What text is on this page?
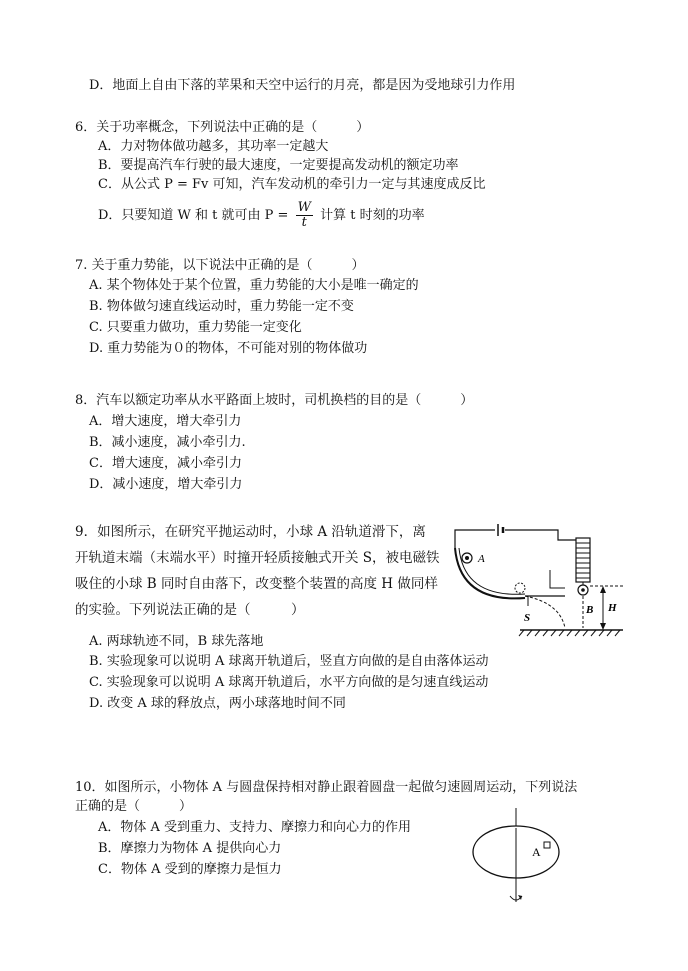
D．地面上自由下落的苹果和天空中运行的月亮，都是因为受地球引力作用
6．关于功率概念，下列说法中正确的是（　　　）
A．力对物体做功越多，其功率一定越大
B．要提高汽车行驶的最大速度，一定要提高发动机的额定功率
C．从公式 P = Fv 可知，汽车发动机的牵引力一定与其速度成反比
D．只要知道 W 和 t 就可由 $P = \frac{W}{t}$ 计算 t 时刻的功率
7. 关于重力势能，以下说法中正确的是（　　　）
A. 某个物体处于某个位置，重力势能的大小是唯一确定的
B. 物体做匀速直线运动时，重力势能一定不变
C. 只要重力做功，重力势能一定变化
D. 重力势能为０的物体，不可能对别的物体做功
8．汽车以额定功率从水平路面上坡时，司机换档的目的是（　　　）
A．增大速度，增大牵引力
B．减小速度，减小牵引力.
C．增大速度，减小牵引力
D．减小速度，增大牵引力
9．如图所示，在研究平抛运动时，小球 A 沿轨道滑下，离
开轨道末端（末端水平）时撞开轻质接触式开关 S，被电磁铁
吸住的小球 B 同时自由落下，改变整个装置的高度 H 做同样
的实验。下列说法正确的是（　　　）
A. 两球轨迹不同，B 球先落地
B. 实验现象可以说明 A 球离开轨道后，竖直方向做的是自由落体运动
C. 实验现象可以说明 A 球离开轨道后，水平方向做的是匀速直线运动
D. 改变 A 球的释放点，两小球落地时间不同
A
S
B H
10．如图所示，小物体 A 与圆盘保持相对静止跟着圆盘一起做匀速圆周运动，下列说法
正确的是（　　　）
A．物体 A 受到重力、支持力、摩擦力和向心力的作用
B．摩擦力为物体 A 提供向心力
C．物体 A 受到的摩擦力是恒力
A
